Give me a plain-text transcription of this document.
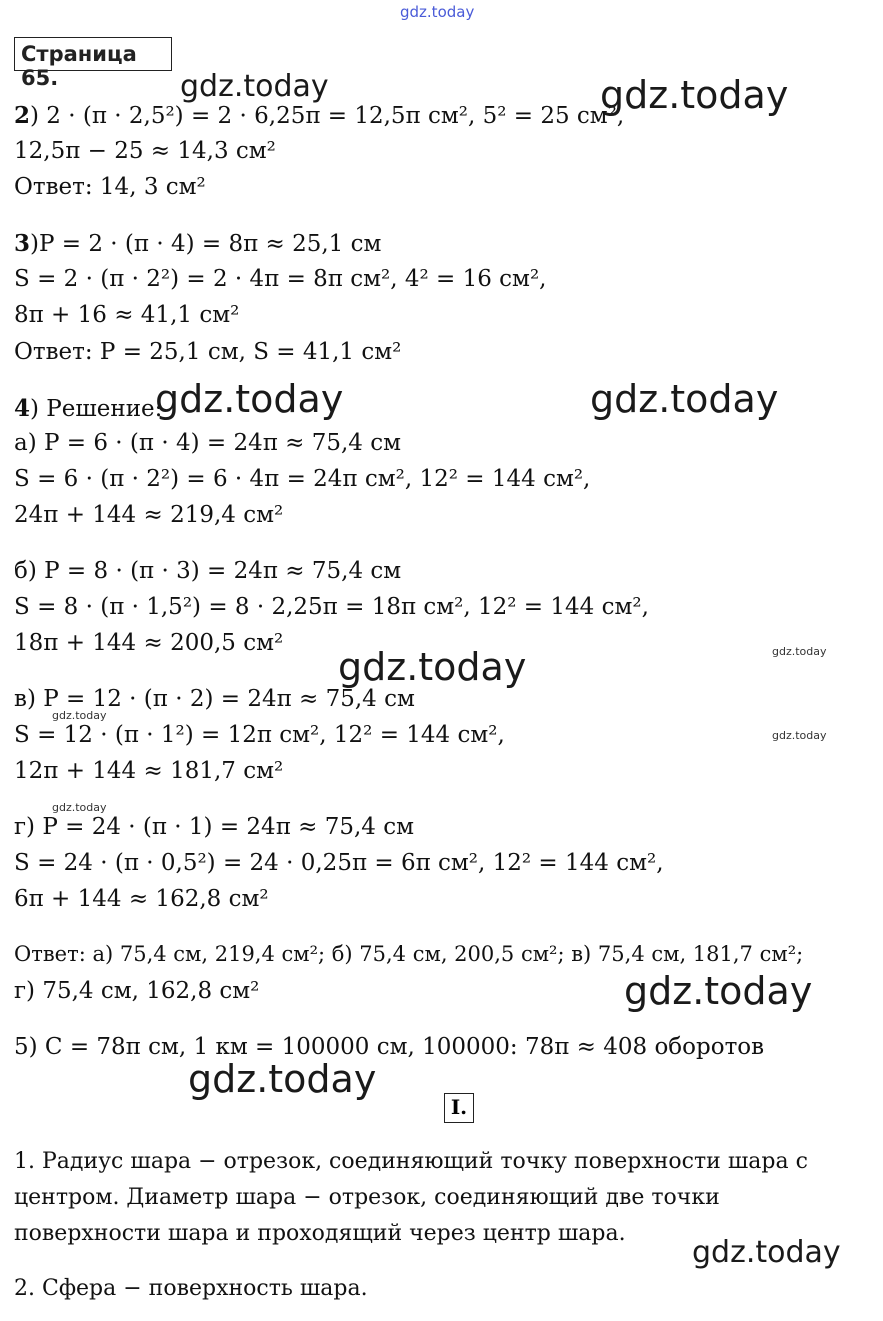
gdz.today
Страница 65.
2) 2 · (π · 2,5²) = 2 · 6,25π = 12,5π см², 5² = 25 см²,
12,5π − 25 ≈ 14,3 см²
Ответ: 14, 3 см²
3)P = 2 · (π · 4) = 8π ≈ 25,1 см
S = 2 · (π · 2²) = 2 · 4π = 8π см², 4² = 16 см²,
8π + 16 ≈ 41,1 см²
Ответ: P = 25,1 см, S = 41,1 см²
4) Решение:
а) P = 6 · (π · 4) = 24π ≈ 75,4 см
S = 6 · (π · 2²) = 6 · 4π = 24π см², 12² = 144 см²,
24π + 144 ≈ 219,4 см²
б) P = 8 · (π · 3) = 24π ≈ 75,4 см
S = 8 · (π · 1,5²) = 8 · 2,25π = 18π см², 12² = 144 см²,
18π + 144 ≈ 200,5 см²
в) P = 12 · (π · 2) = 24π ≈ 75,4 см
S = 12 · (π · 1²) = 12π см², 12² = 144 см²,
12π + 144 ≈ 181,7 см²
г) P = 24 · (π · 1) = 24π ≈ 75,4 см
S = 24 · (π · 0,5²) = 24 · 0,25π = 6π см², 12² = 144 см²,
6π + 144 ≈ 162,8 см²
Ответ: а) 75,4 см, 219,4 см²; б) 75,4 см, 200,5 см²; в) 75,4 см, 181,7 см²;
г) 75,4 см, 162,8 см²
5) C = 78π см, 1 км = 100000 см, 100000: 78π ≈ 408 оборотов
I.
1. Радиус шара − отрезок, соединяющий точку поверхности шара с
центром. Диаметр шара − отрезок, соединяющий две точки
поверхности шара и проходящий через центр шара.
2. Сфера − поверхность шара.
gdz.today	gdz.today
gdz.today	gdz.today
gdz.today	gdz.today
gdz.today
gdz.today
gdz.today
gdz.today
gdz.today
gdz.today
